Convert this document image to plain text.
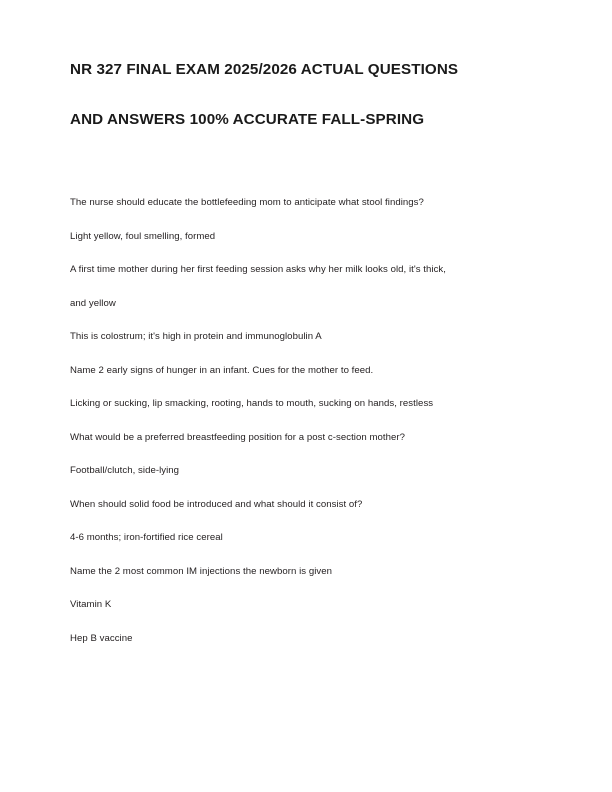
NR 327 FINAL EXAM 2025/2026 ACTUAL QUESTIONS
AND ANSWERS 100% ACCURATE FALL-SPRING

The nurse should educate the bottlefeeding mom to anticipate what stool findings?

Light yellow, foul smelling, formed

A first time mother during her first feeding session asks why her milk looks old, it's thick,

and yellow

This is colostrum; it's high in protein and immunoglobulin A

Name 2 early signs of hunger in an infant. Cues for the mother to feed.

Licking or sucking, lip smacking, rooting, hands to mouth, sucking on hands, restless

What would be a preferred breastfeeding position for a post c-section mother?

Football/clutch, side-lying

When should solid food be introduced and what should it consist of?

4-6 months; iron-fortified rice cereal

Name the 2 most common IM injections the newborn is given

Vitamin K

Hep B vaccine
